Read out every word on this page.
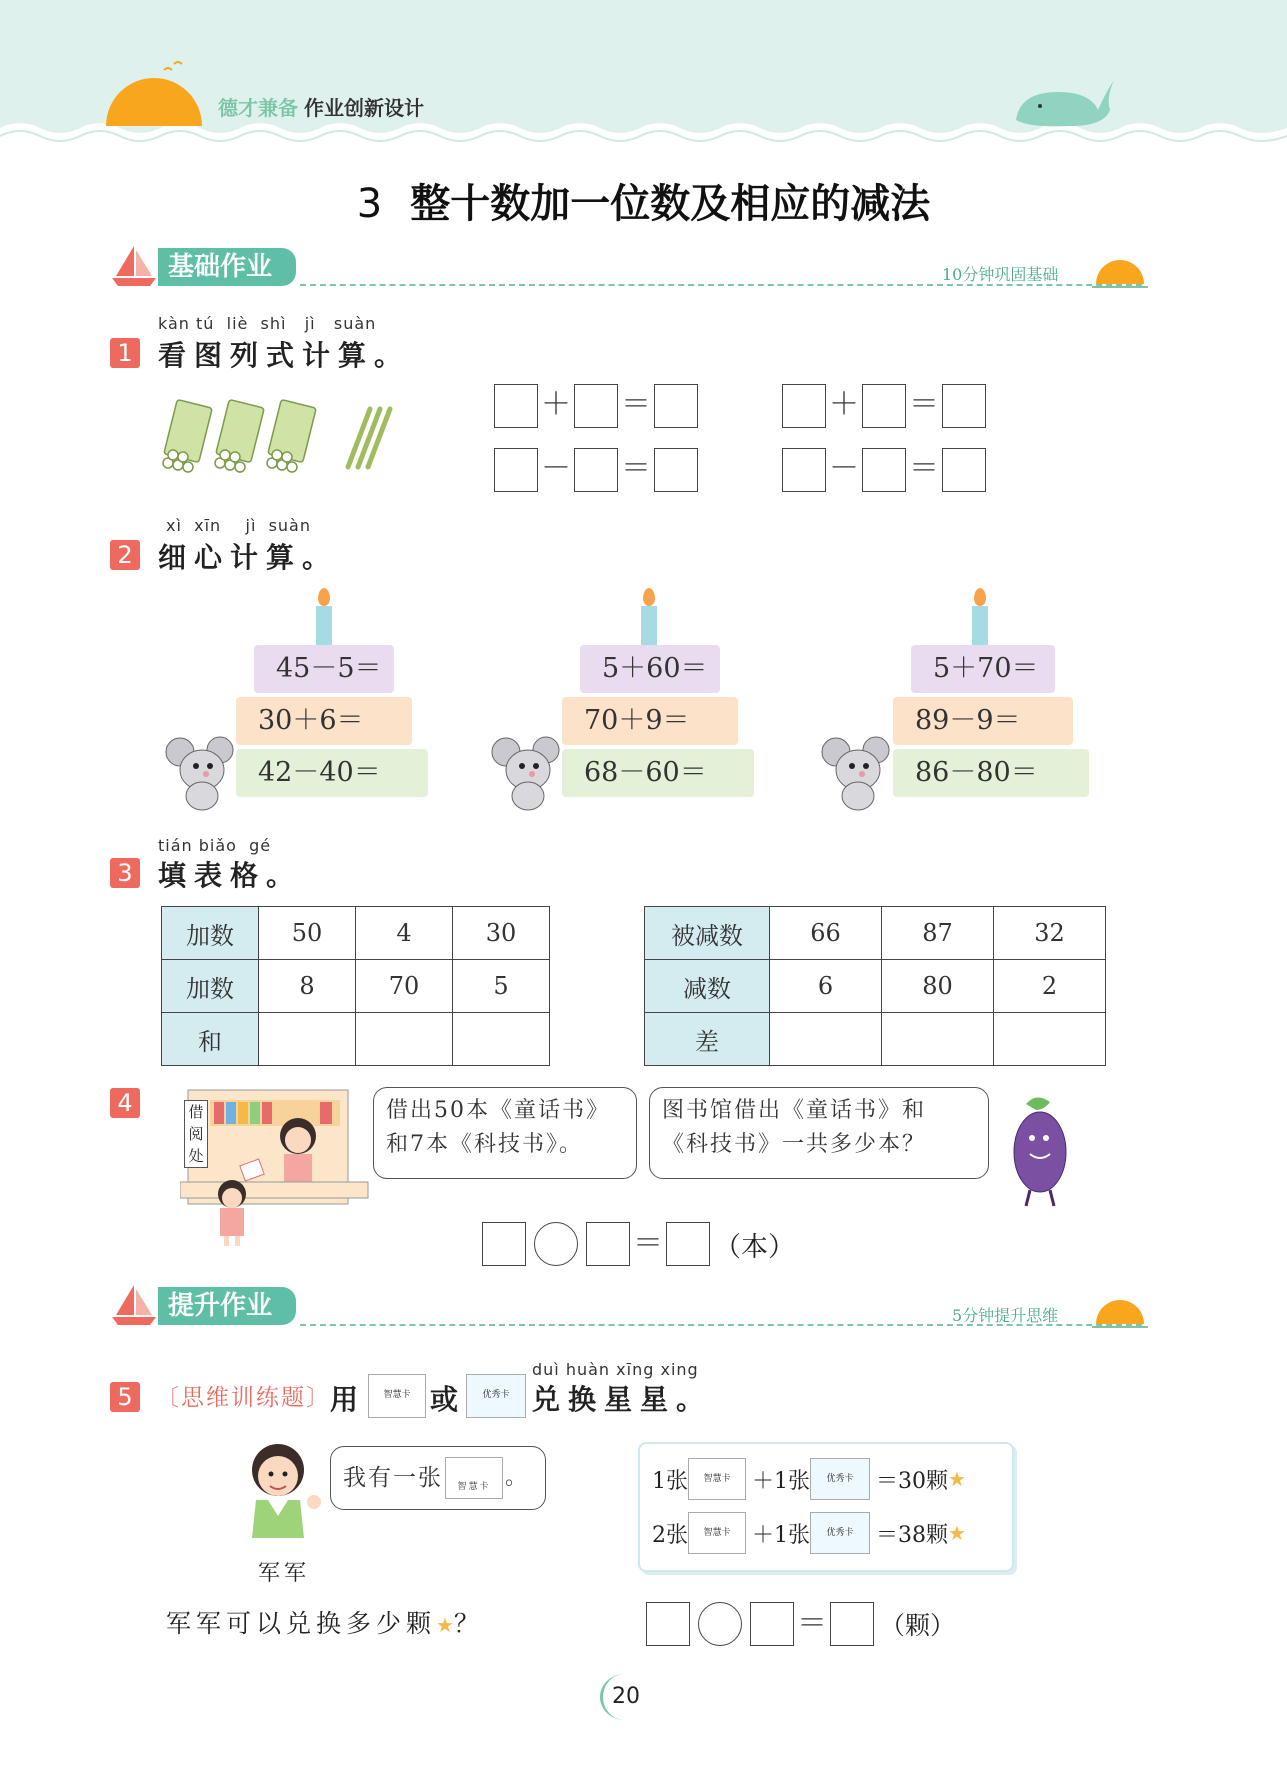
德才兼备 作业创新设计
3 整十数加一位数及相应的减法
基础作业	10分钟巩固基础
kàn tú liè shì jì suàn
1 看图列式计算。
＋ ＝
－ ＝
＋ ＝
－ ＝
xì xīn jì suàn
2 细心计算。
45－5＝
30＋6＝
42－40＝
5＋60＝
70＋9＝
68－60＝
5＋70＝
89－9＝
86－80＝
tián biǎo gé
3 填表格。
加数	50	4	30
加数	8	70	5
和			
被减数	66	87	32
减数	6	80	2
差			
4	借
阅
处
借出50本《童话书》
和7本《科技书》。
图书馆借出《童话书》和
《科技书》一共多少本？
＝ （本）
提升作业	5分钟提升思维
duì huàn xīng xing
5	〔思维训练题〕 用	智慧卡 或	优秀卡 兑换星星。
军军
我有一张	智慧卡 。	1张	智慧卡 ＋1张	优秀卡	＝30颗 ★
2张	智慧卡 ＋1张	优秀卡	＝38颗 ★
军军可以兑换多少颗★？	＝ （颗）
20
